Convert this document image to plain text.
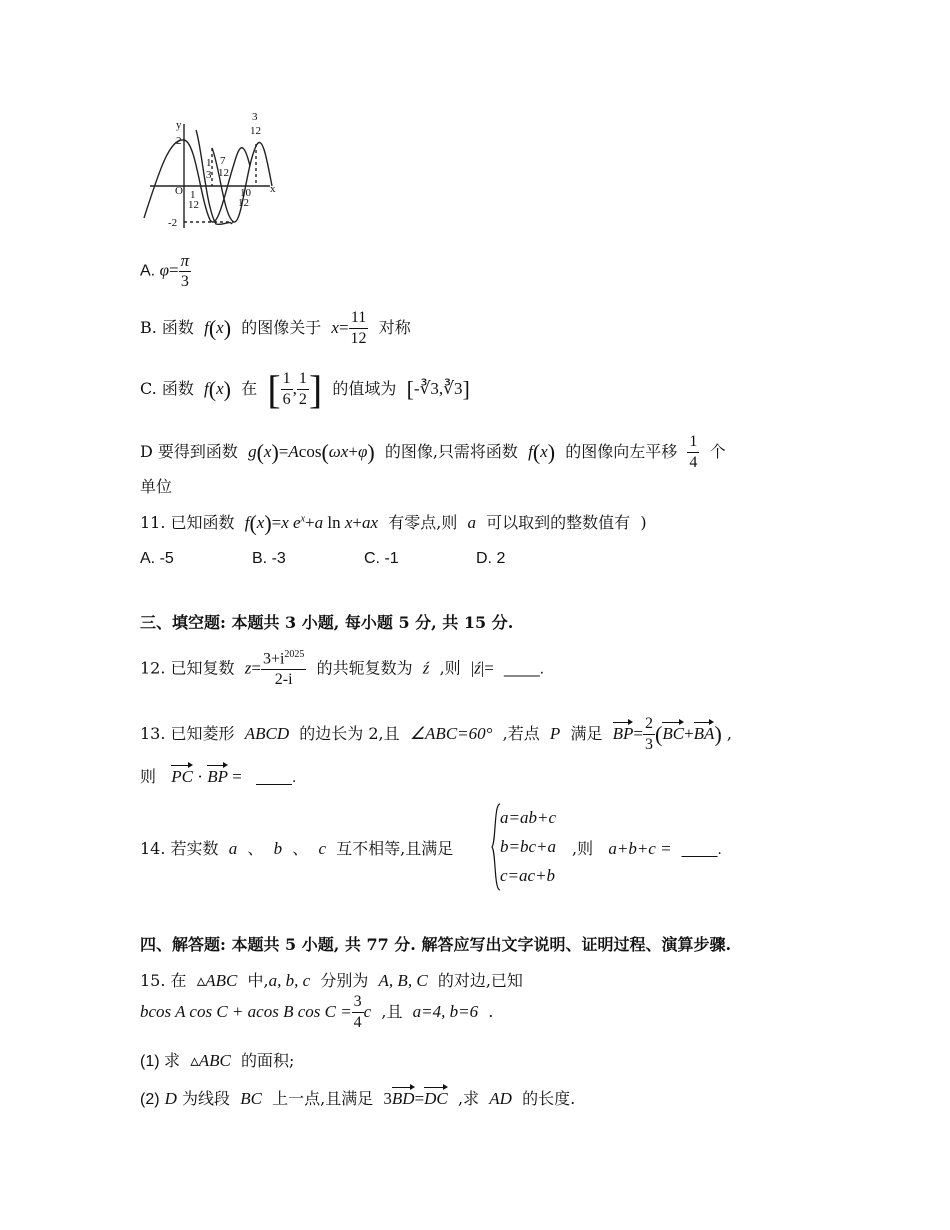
y
x
O
3
12
2
1
3
7
12
1
12
10
12
-2
A. $\varphi= \frac{\pi}{3}$
B. 函数 f(x) 的图像关于 $x= \frac{11}{12}$ 对称
C. 函数 f(x) 在 [ $\frac{1}{6}$ , $\frac{1}{2}$ ] 的值域为 [-∛3,∛3]
D 要得到函数 g(x)=Acos(ωx+φ) 的图像,只需将函数 f(x) 的图像向左平移 $\frac{1}{4}$ 个
单位
11. 已知函数 f(x)=x $e^x+a$ ln x+ax 有零点,则 a 可以取到的整数值有 )
A. -5	B. -3	C. -1	D. 2
三、填空题: 本题共 3 小题, 每小题 5 分, 共 15 分.
12. 已知复数 $z= \frac{3+i^{2025}}{2-i}$ 的共轭复数为 ź ,则 |ź|= ____.
13. 已知菱形 ABCD 的边长为 2,且 ∠ABC=60° ,若点 P 满足 $BP= \frac{2}{3} (BC+BA)$ ,
则 PC · BP =   ____.
14. 若实数 a 、 b 、 c 互不相等,且满足
a=ab+c
b=bc+a
c=ac+b
,则 a+b+c = ____.
四、解答题: 本题共 5 小题, 共 77 分. 解答应写出文字说明、证明过程、演算步骤.
15. 在 ▵ABC 中,a, b, c 分别为 A, B, C 的对边,已知
bcos A cos C + acos B $\cos C = \frac{3}{4}$ c ,且 a=4, b=6 .
(1) 求 ▵ABC 的面积;
(2) D 为线段 BC 上一点,且满足 3BD=DC ,求 AD 的长度.
